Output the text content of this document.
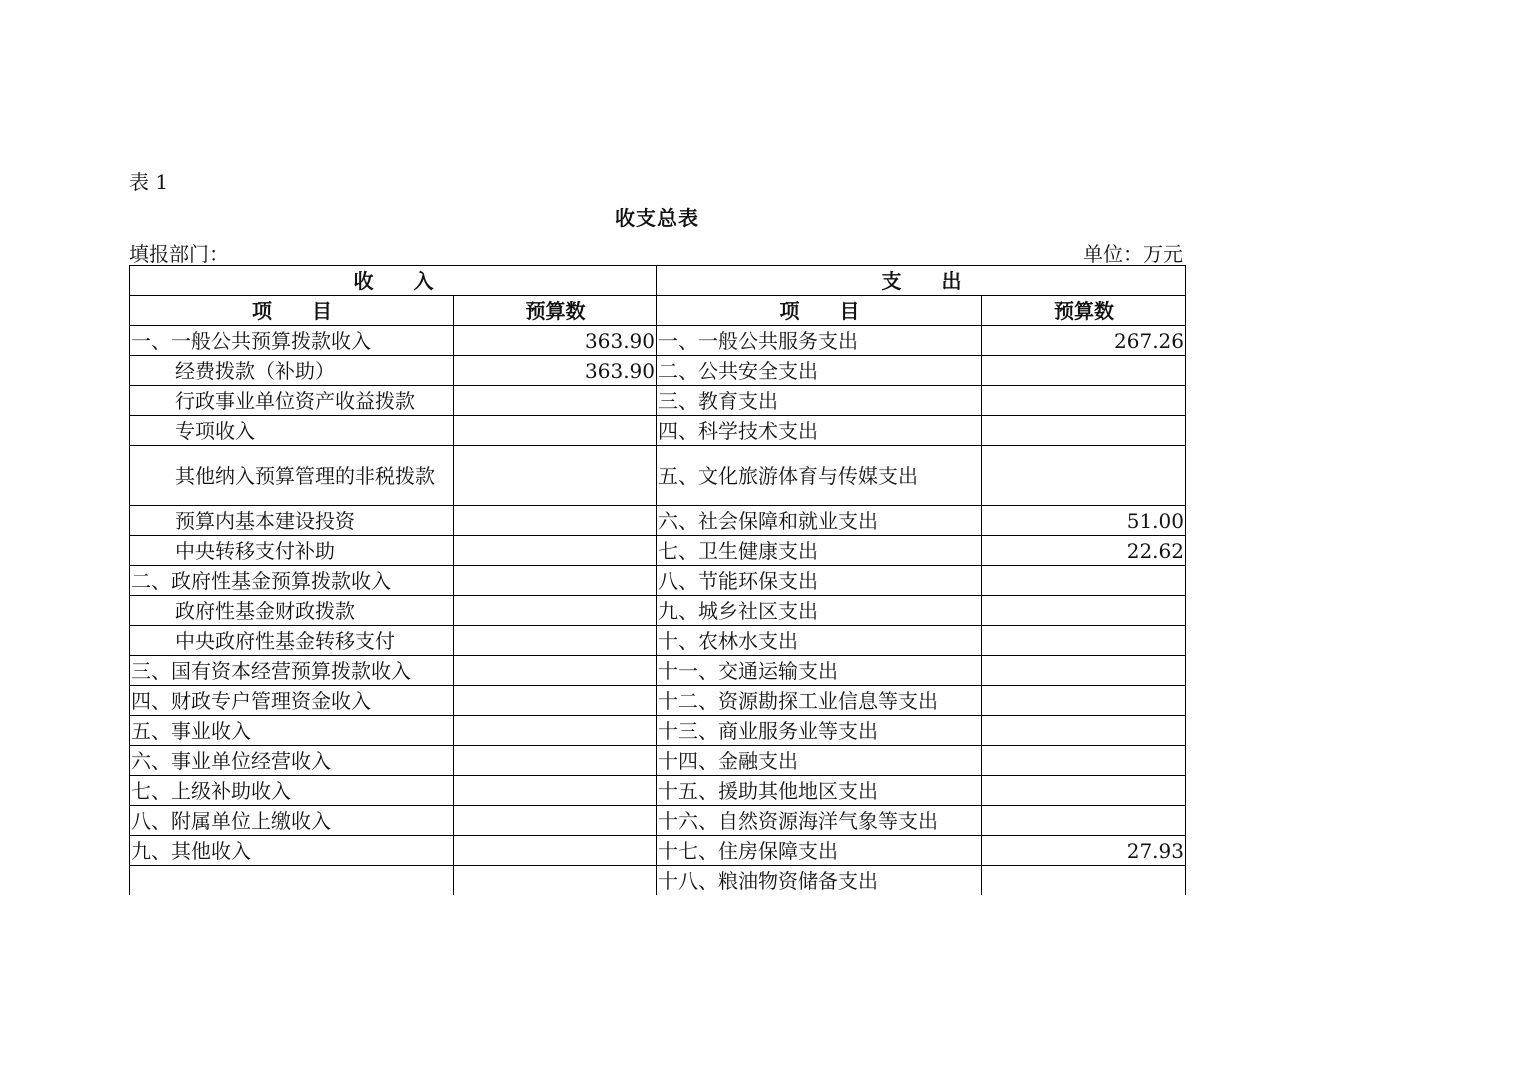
表 1
收支总表
填报部门：	单位：万元
收　　入		支　　出	
项　　目	预算数	项　　目	预算数
一、一般公共预算拨款收入	363.90	一、一般公共服务支出	267.26
经费拨款（补助）	363.90	二、公共安全支出	
行政事业单位资产收益拨款		三、教育支出	
专项收入		四、科学技术支出	

其他纳入预算管理的非税拨款		五、文化旅游体育与传媒支出	
预算内基本建设投资		六、社会保障和就业支出	51.00
中央转移支付补助		七、卫生健康支出	22.62
二、政府性基金预算拨款收入		八、节能环保支出	
政府性基金财政拨款		九、城乡社区支出	
中央政府性基金转移支付		十、农林水支出	
三、国有资本经营预算拨款收入		十一、交通运输支出	
四、财政专户管理资金收入		十二、资源勘探工业信息等支出	
五、事业收入		十三、商业服务业等支出	
六、事业单位经营收入		十四、金融支出	
七、上级补助收入		十五、援助其他地区支出	
八、附属单位上缴收入		十六、自然资源海洋气象等支出	
九、其他收入		十七、住房保障支出	27.93
		十八、粮油物资储备支出	
